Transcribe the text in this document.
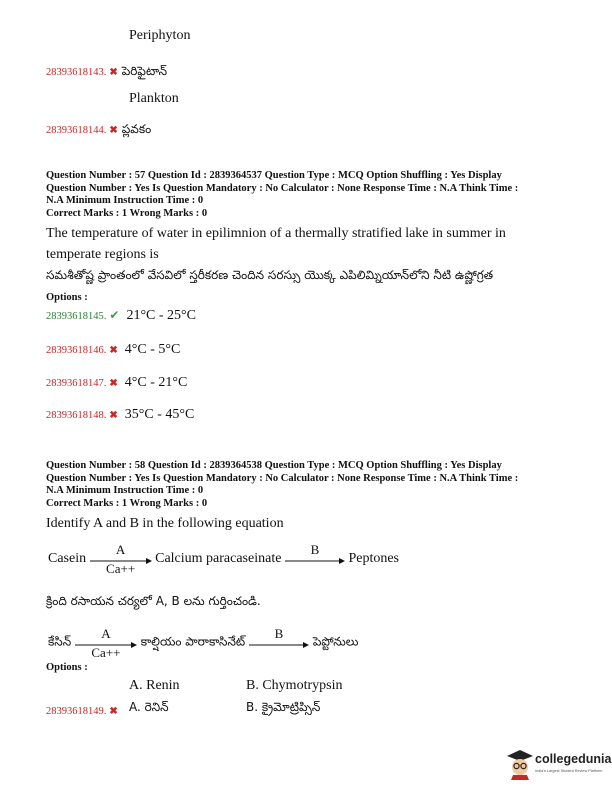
Periphyton
28393618143. ✖ పెరిఫైటాన్
Plankton
28393618144. ✖ ప్లవకం
Question Number : 57 Question Id : 2839364537 Question Type : MCQ Option Shuffling : Yes Display
Question Number : Yes Is Question Mandatory : No Calculator : None Response Time : N.A Think Time :
N.A Minimum Instruction Time : 0
Correct Marks : 1 Wrong Marks : 0
The temperature of water in epilimnion of a thermally stratified lake in summer in
temperate regions is
సమశీతోష్ణ ప్రాంతంలో వేసవిలో స్తరీకరణ చెందిన సరస్సు యొక్క ఎపిలిమ్నియాన్‌లోని నీటి ఉష్ణోగ్రత
Options :
28393618145. ✔ 21°C - 25°C
28393618146. ✖ 4°C - 5°C
28393618147. ✖ 4°C - 21°C
28393618148. ✖ 35°C - 45°C
Question Number : 58 Question Id : 2839364538 Question Type : MCQ Option Shuffling : Yes Display
Question Number : Yes Is Question Mandatory : No Calculator : None Response Time : N.A Think Time :
N.A Minimum Instruction Time : 0
Correct Marks : 1 Wrong Marks : 0
Identify A and B in the following equation
Casein
A
Ca++
Calcium paracaseinate
B
Peptones
క్రింది రసాయన చర్యలో A, B లను గుర్తించండి.
కేసిన్
A
Ca++
కాల్షియం పారాకాసినేట్
B
పెప్టోనులు
Options :
A. Renin	B. Chymotrypsin
28393618149. ✖ A. రెనిన్	B. క్రైమోట్రిప్సిన్
collegedunia
India's Largest Student Review Platform
